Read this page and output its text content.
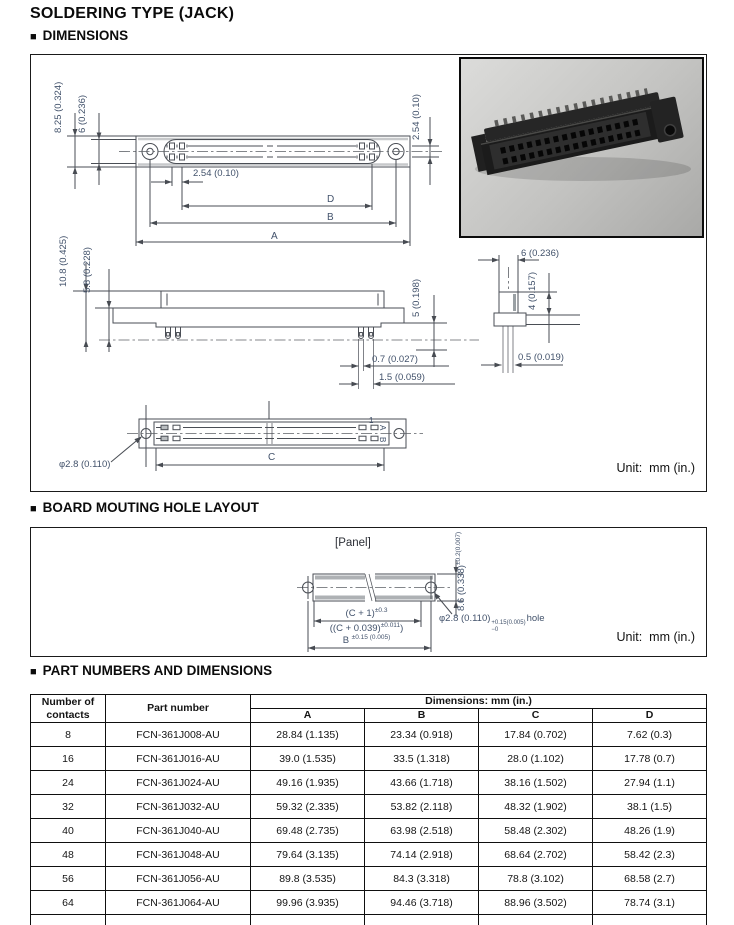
SOLDERING TYPE (JACK)
■ DIMENSIONS
8.25 (0.324) 6 (0.236)	2.54 (0.10)
2.54 (0.10)
D
B
A
10.8 (0.425) 5.8 (0.228)
5 (0.198)
0.7 (0.027)
1.5 (0.059)
6 (0.236)
4 (0.157)
0.5 (0.019)
φ2.8 (0.110)
C
1
A
B
Unit:  mm (in.)
■ BOARD MOUTING HOLE LAYOUT
[Panel]
8.6 $(0.338)^{\pm 0.2(0.007)}$
$(C + 1)^{\pm 0.3}$
$((C + 0.039)^{\pm 0.011})$
B $^{\pm 0.15 (0.005)}$
φ2.8 (0.110) +0.15(0.005)
−0
hole
Unit:  mm (in.)
■ PART NUMBERS AND DIMENSIONS
Number of contacts	Part number	Dimensions: mm (in.)			
		A	B	C	D
8	FCN-361J008-AU	28.84 (1.135)	23.34 (0.918)	17.84 (0.702)	7.62 (0.3)
16	FCN-361J016-AU	39.0 (1.535)	33.5 (1.318)	28.0 (1.102)	17.78 (0.7)
24	FCN-361J024-AU	49.16 (1.935)	43.66 (1.718)	38.16 (1.502)	27.94 (1.1)
32	FCN-361J032-AU	59.32 (2.335)	53.82 (2.118)	48.32 (1.902)	38.1 (1.5)
40	FCN-361J040-AU	69.48 (2.735)	63.98 (2.518)	58.48 (2.302)	48.26 (1.9)
48	FCN-361J048-AU	79.64 (3.135)	74.14 (2.918)	68.64 (2.702)	58.42 (2.3)
56	FCN-361J056-AU	89.8 (3.535)	84.3 (3.318)	78.8 (3.102)	68.58 (2.7)
64	FCN-361J064-AU	99.96 (3.935)	94.46 (3.718)	88.96 (3.502)	78.74 (3.1)
